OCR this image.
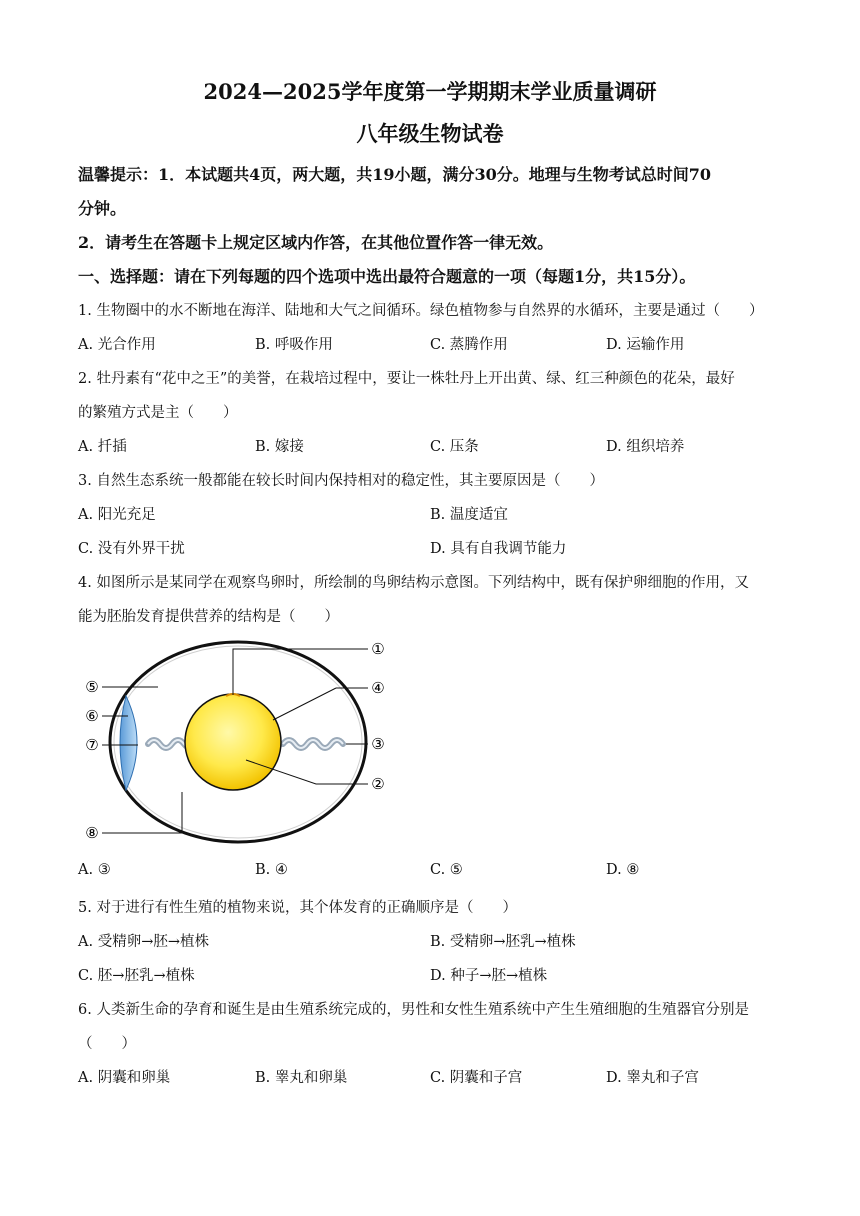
2024—2025学年度第一学期期末学业质量调研
八年级生物试卷
温馨提示：1．本试题共4页，两大题，共19小题，满分30分。地理与生物考试总时间70
分钟。
2．请考生在答题卡上规定区域内作答，在其他位置作答一律无效。
一、选择题：请在下列每题的四个选项中选出最符合题意的一项（每题1分，共15分）。
1. 生物圈中的水不断地在海洋、陆地和大气之间循环。绿色植物参与自然界的水循环，主要是通过（　　）
A. 光合作用	B. 呼吸作用	C. 蒸腾作用	D. 运输作用
2. 牡丹素有“花中之王”的美誉，在栽培过程中，要让一株牡丹上开出黄、绿、红三种颜色的花朵，最好
的繁殖方式是主（　　）
A. 扦插	B. 嫁接	C. 压条	D. 组织培养
3. 自然生态系统一般都能在较长时间内保持相对的稳定性，其主要原因是（　　）
A. 阳光充足	B. 温度适宜
C. 没有外界干扰	D. 具有自我调节能力
4. 如图所示是某同学在观察鸟卵时，所绘制的鸟卵结构示意图。下列结构中，既有保护卵细胞的作用，又
能为胚胎发育提供营养的结构是（　　）
①
④
③
②
⑤
⑥
⑦
⑧
A. ③	B. ④	C. ⑤	D. ⑧
5. 对于进行有性生殖的植物来说，其个体发育的正确顺序是（　　）
A. 受精卵→胚→植株	B. 受精卵→胚乳→植株
C. 胚→胚乳→植株	D. 种子→胚→植株
6. 人类新生命的孕育和诞生是由生殖系统完成的，男性和女性生殖系统中产生生殖细胞的生殖器官分别是
（　　）
A. 阴囊和卵巢	B. 睾丸和卵巢	C. 阴囊和子宫	D. 睾丸和子宫
